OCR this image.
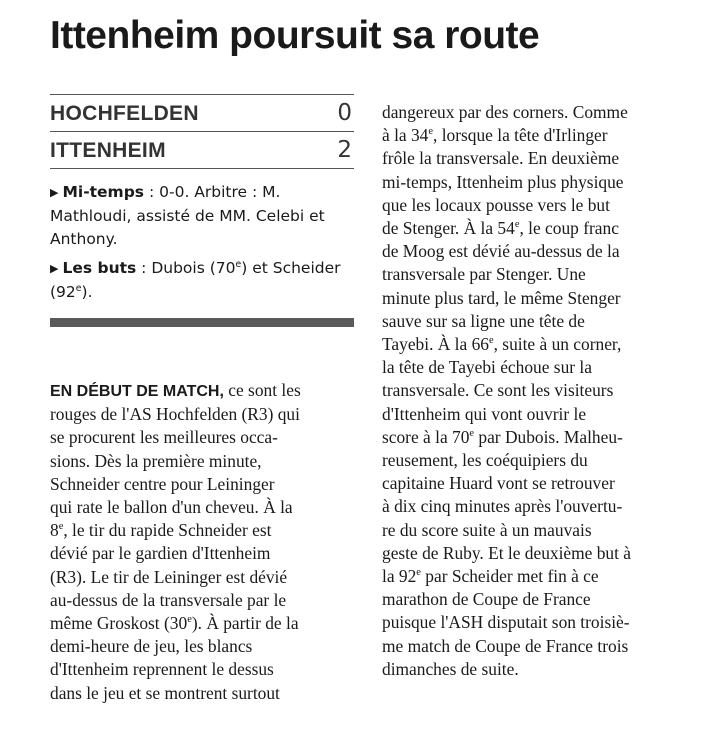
Ittenheim poursuit sa route
HOCHFELDEN	0
ITTENHEIM	2

▶ Mi-temps : 0-0. Arbitre : M. Mathloudi, assisté de MM. Celebi et Anthony.

▶ Les buts : Dubois (70e) et Scheider (92e).

EN DÉBUT DE MATCH, ce sont les
rouges de l'AS Hochfelden (R3) qui
se procurent les meilleures occa-
sions. Dès la première minute,
Schneider centre pour Leininger
qui rate le ballon d'un cheveu. À la
8e, le tir du rapide Schneider est
dévié par le gardien d'Ittenheim
(R3). Le tir de Leininger est dévié
au-dessus de la transversale par le
même Groskost (30e). À partir de la
demi-heure de jeu, les blancs
d'Ittenheim reprennent le dessus
dans le jeu et se montrent surtout

dangereux par des corners. Comme
à la 34e, lorsque la tête d'Irlinger
frôle la transversale. En deuxième
mi-temps, Ittenheim plus physique
que les locaux pousse vers le but
de Stenger. À la 54e, le coup franc
de Moog est dévié au-dessus de la
transversale par Stenger. Une
minute plus tard, le même Stenger
sauve sur sa ligne une tête de
Tayebi. À la 66e, suite à un corner,
la tête de Tayebi échoue sur la
transversale. Ce sont les visiteurs
d'Ittenheim qui vont ouvrir le
score à la 70e par Dubois. Malheu-
reusement, les coéquipiers du
capitaine Huard vont se retrouver
à dix cinq minutes après l'ouvertu-
re du score suite à un mauvais
geste de Ruby. Et le deuxième but à
la 92e par Scheider met fin à ce
marathon de Coupe de France
puisque l'ASH disputait son troisiè-
me match de Coupe de France trois
dimanches de suite.
